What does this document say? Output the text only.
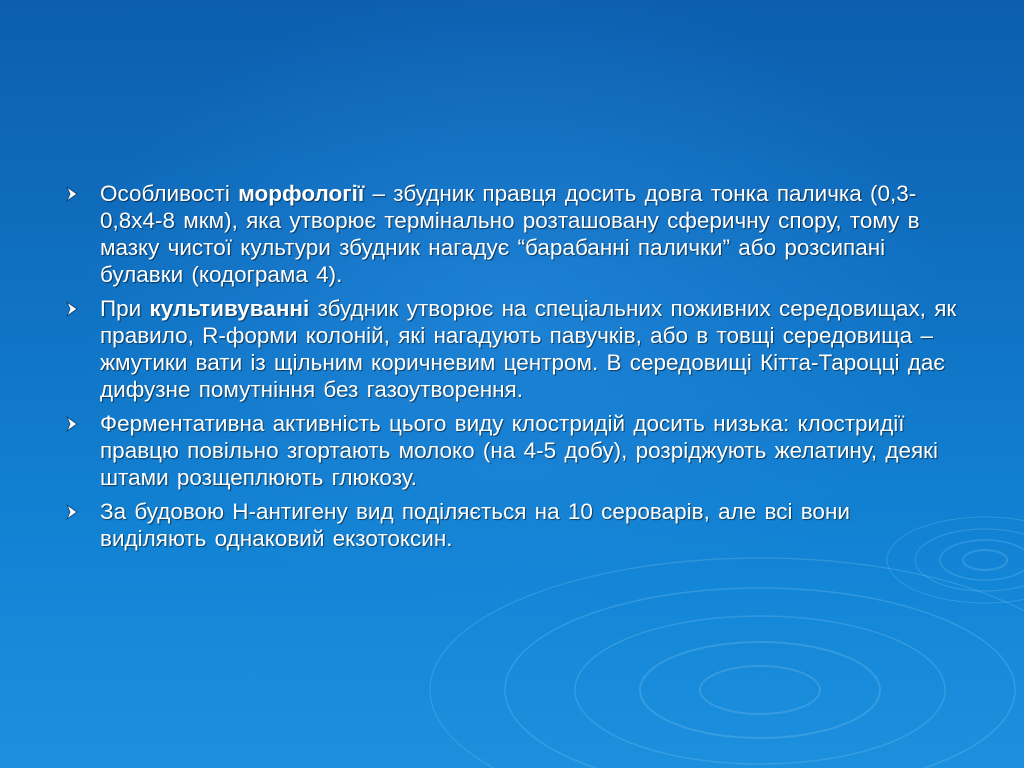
Особливості морфології – збудник правця досить довга тонка паличка (0,3-0,8x4-8 мкм), яка утворює термінально розташовану сферичну спору, тому в мазку чистої культури збудник нагадує “барабанні палички” або розсипані булавки (кодограма 4).
При культивуванні збудник утворює на спеціальних поживних середовищах, як правило, R-форми колоній, які нагадують павучків, або в товщі середовища – жмутики вати із щільним коричневим центром. В середовищі Кітта-Тароцці дає дифузне помутніння без газоутворення.
Ферментативна активність цього виду клостридій досить низька: клостридії правцю повільно згортають молоко (на 4-5 добу), розріджують желатину, деякі штами розщеплюють глюкозу.
За будовою Н-антигену вид поділяється на 10 сероварів, але всі вони виділяють однаковий екзотоксин.
